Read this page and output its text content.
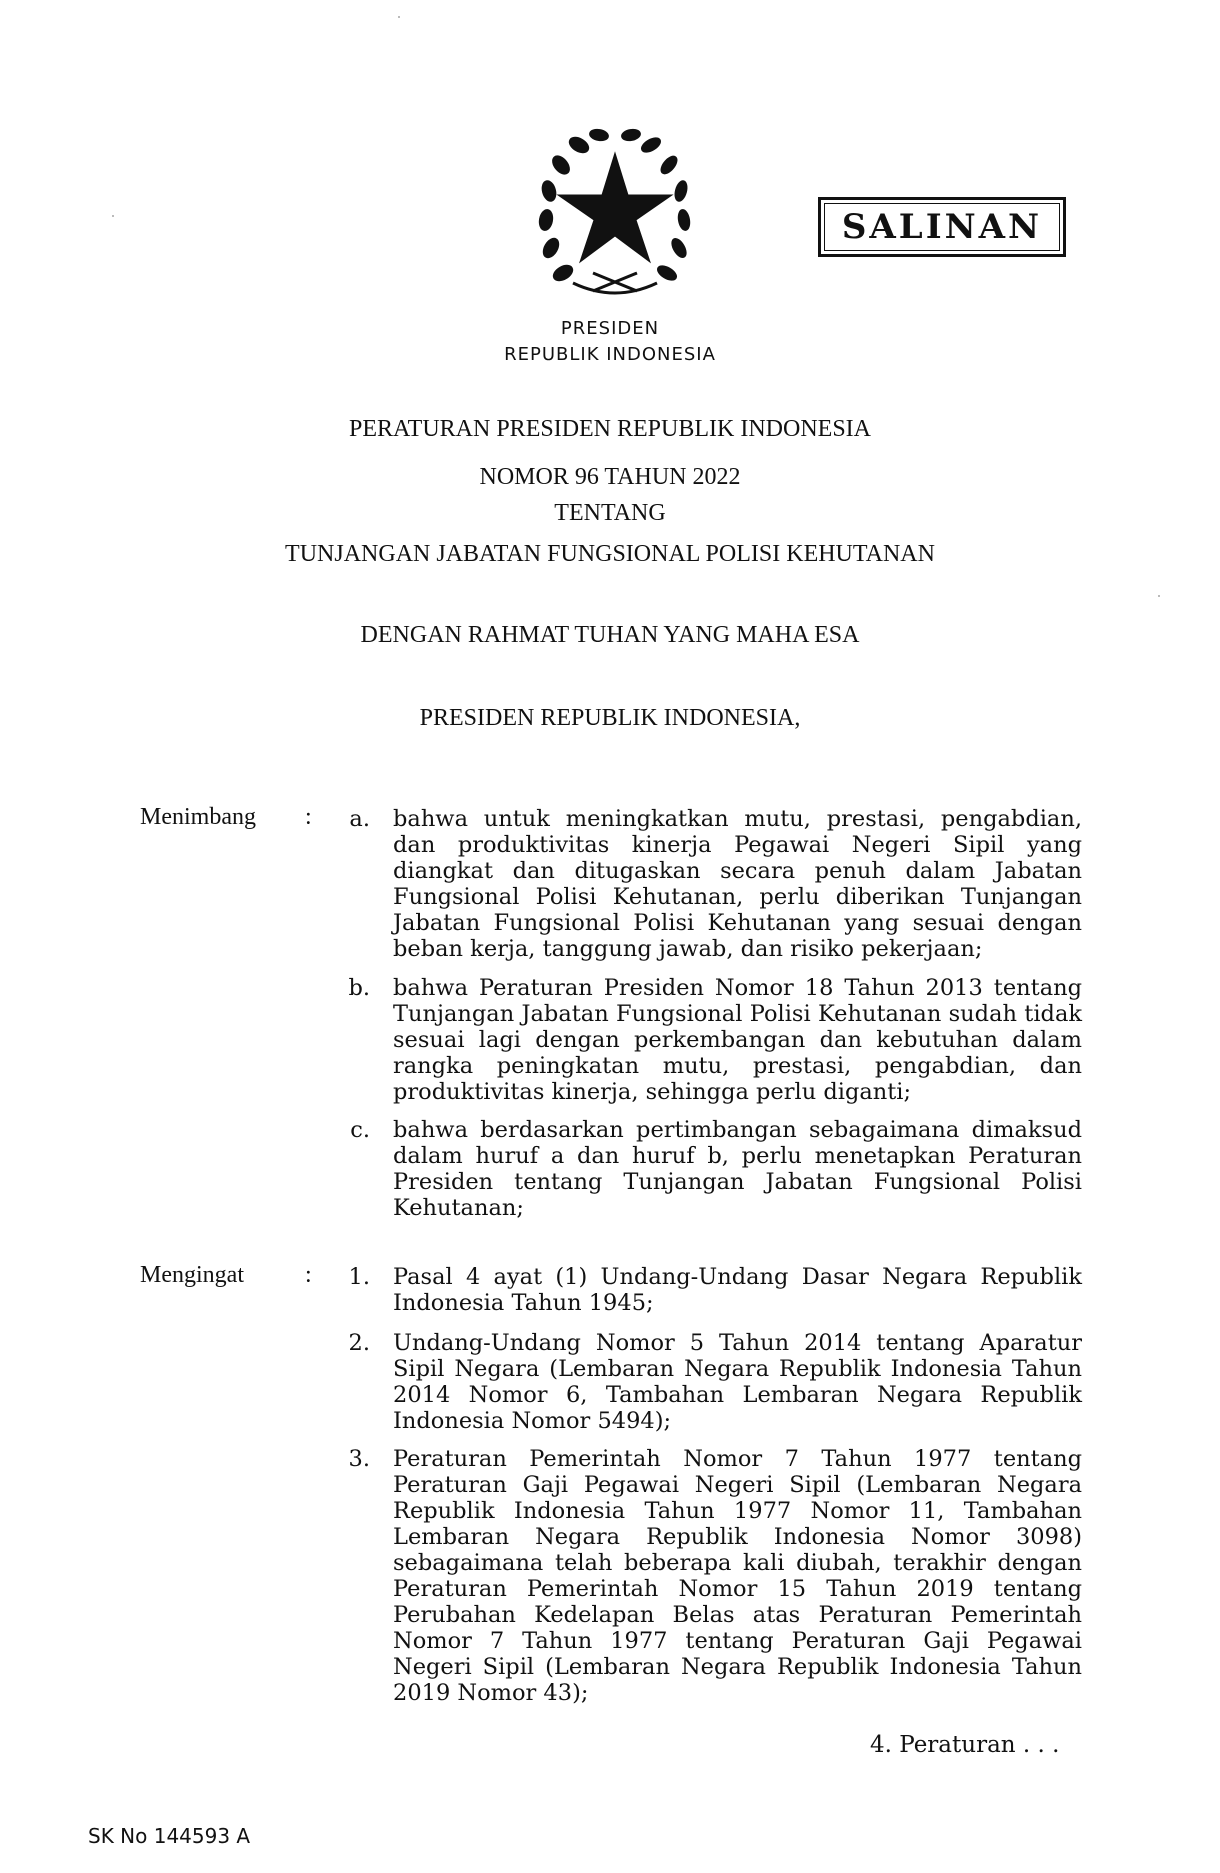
SALINAN
PRESIDEN
REPUBLIK INDONESIA
PERATURAN PRESIDEN REPUBLIK INDONESIA
NOMOR 96 TAHUN 2022
TENTANG
TUNJANGAN JABATAN FUNGSIONAL POLISI KEHUTANAN
DENGAN RAHMAT TUHAN YANG MAHA ESA
PRESIDEN REPUBLIK INDONESIA,
Menimbang :	a. bahwa untuk meningkatkan mutu, prestasi, pengabdian, dan produktivitas kinerja Pegawai Negeri Sipil yang diangkat dan ditugaskan secara penuh dalam Jabatan Fungsional Polisi Kehutanan, perlu diberikan Tunjangan Jabatan Fungsional Polisi Kehutanan yang sesuai dengan beban kerja, tanggung jawab, dan risiko pekerjaan;
b. bahwa Peraturan Presiden Nomor 18 Tahun 2013 tentang Tunjangan Jabatan Fungsional Polisi Kehutanan sudah tidak sesuai lagi dengan perkembangan dan kebutuhan dalam rangka peningkatan mutu, prestasi, pengabdian, dan produktivitas kinerja, sehingga perlu diganti;
c. bahwa berdasarkan pertimbangan sebagaimana dimaksud dalam huruf a dan huruf b, perlu menetapkan Peraturan Presiden tentang Tunjangan Jabatan Fungsional Polisi Kehutanan;
Mengingat	:	1. Pasal 4 ayat (1) Undang-Undang Dasar Negara Republik Indonesia Tahun 1945;
2. Undang-Undang Nomor 5 Tahun 2014 tentang Aparatur Sipil Negara (Lembaran Negara Republik Indonesia Tahun 2014 Nomor 6, Tambahan Lembaran Negara Republik Indonesia Nomor 5494);
3. Peraturan Pemerintah Nomor 7 Tahun 1977 tentang Peraturan Gaji Pegawai Negeri Sipil (Lembaran Negara Republik Indonesia Tahun 1977 Nomor 11, Tambahan Lembaran Negara Republik Indonesia Nomor 3098) sebagaimana telah beberapa kali diubah, terakhir dengan Peraturan Pemerintah Nomor 15 Tahun 2019 tentang Perubahan Kedelapan Belas atas Peraturan Pemerintah Nomor 7 Tahun 1977 tentang Peraturan Gaji Pegawai Negeri Sipil (Lembaran Negara Republik Indonesia Tahun 2019 Nomor 43);
4. Peraturan . . .
SK No 144593 A
